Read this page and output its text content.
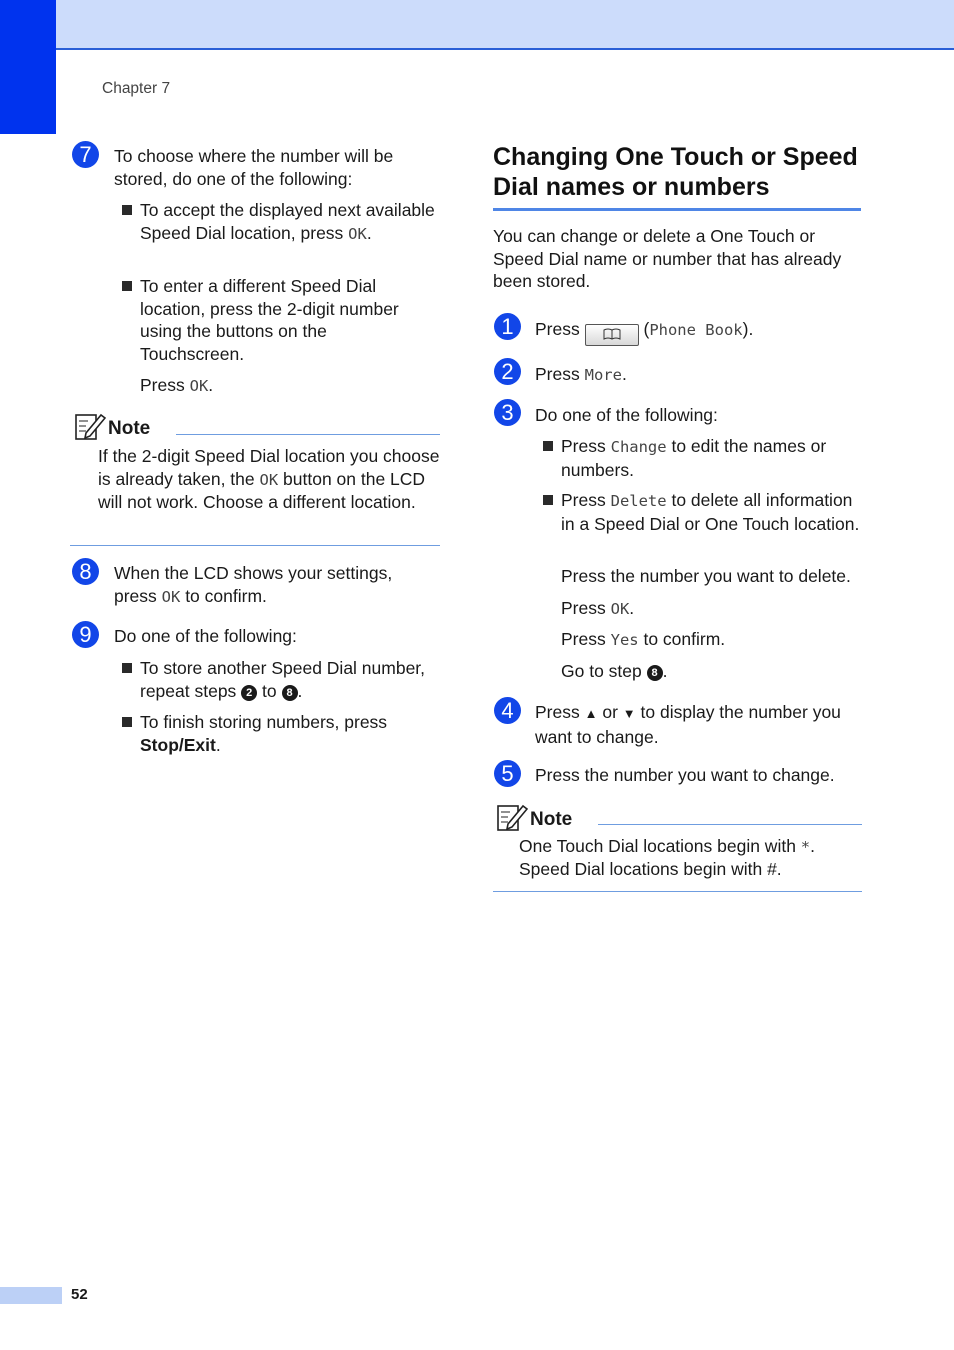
Chapter 7
7	To choose where the number will be stored, do one of the following:
To accept the displayed next available Speed Dial location, press OK.
To enter a different Speed Dial location, press the 2-digit number using the buttons on the Touchscreen.
Press OK.
Note
If the 2-digit Speed Dial location you choose is already taken, the OK button on the LCD will not work. Choose a different location.
8	When the LCD shows your settings, press OK to confirm.
9	Do one of the following:
To store another Speed Dial number, repeat steps 2 to 8 .
To finish storing numbers, press Stop/Exit.
Changing One Touch or Speed Dial names or numbers
You can change or delete a One Touch or Speed Dial name or number that has already been stored.
1	Press	(Phone Book).
2	Press More.
3	Do one of the following:
Press Change to edit the names or numbers.
Press Delete to delete all information in a Speed Dial or One Touch location.
Press the number you want to delete.
Press OK.
Press Yes to confirm.
Go to step 8 .
4	Press ▲ or ▼ to display the number you want to change.
5	Press the number you want to change.
Note
One Touch Dial locations begin with *.
Speed Dial locations begin with #.
52
